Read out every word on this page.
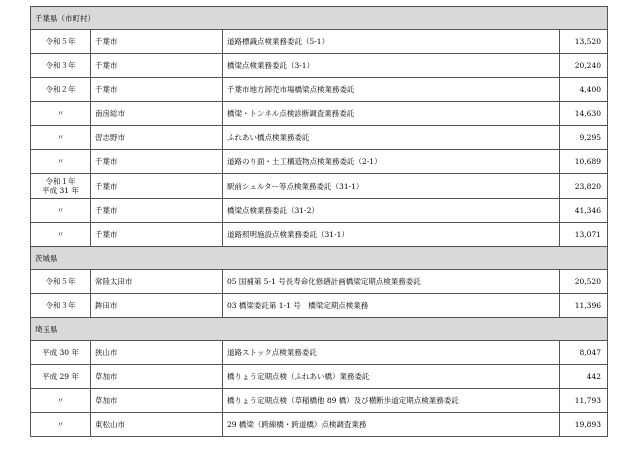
千葉県（市町村）			

令和５年	千葉市	道路標識点検業務委託（5-1）	13,520

令和３年	千葉市	橋梁点検業務委託（3-1）	20,240

令和２年	千葉市	千葉市地方卸売市場橋梁点検業務委託	4,400

〃	南房総市	橋梁・トンネル点検診断調査業務委託	14,630

〃	習志野市	ふれあい橋点検業務委託	9,295

〃	千葉市	道路のり面・土工構造物点検業務委託（2-1）	10,689

令和１年
平成 31 年	千葉市	駅前シェルター等点検業務委託（31-1）	23,820

〃	千葉市	橋梁点検業務委託（31-2）	41,346

〃	千葉市	道路照明施設点検業務委託（31-1）	13,071
茨城県			

令和５年	常陸太田市	05 国補第 5-1 号長寿命化修繕計画橋梁定期点検業務委託	20,520

令和３年	鉾田市	03 橋梁委託第 1-1 号　橋梁定期点検業務	11,396
埼玉県			

平成 30 年	狭山市	道路ストック点検業務委託	8,047

平成 29 年	草加市	橋りょう定期点検（ふれあい橋）業務委託	442

〃	草加市	橋りょう定期点検（草稲橋他 89 橋）及び横断歩道定期点検業務委託	11,793

〃	東松山市	29 橋梁（跨線橋・跨道橋）点検調査業務	19,893
